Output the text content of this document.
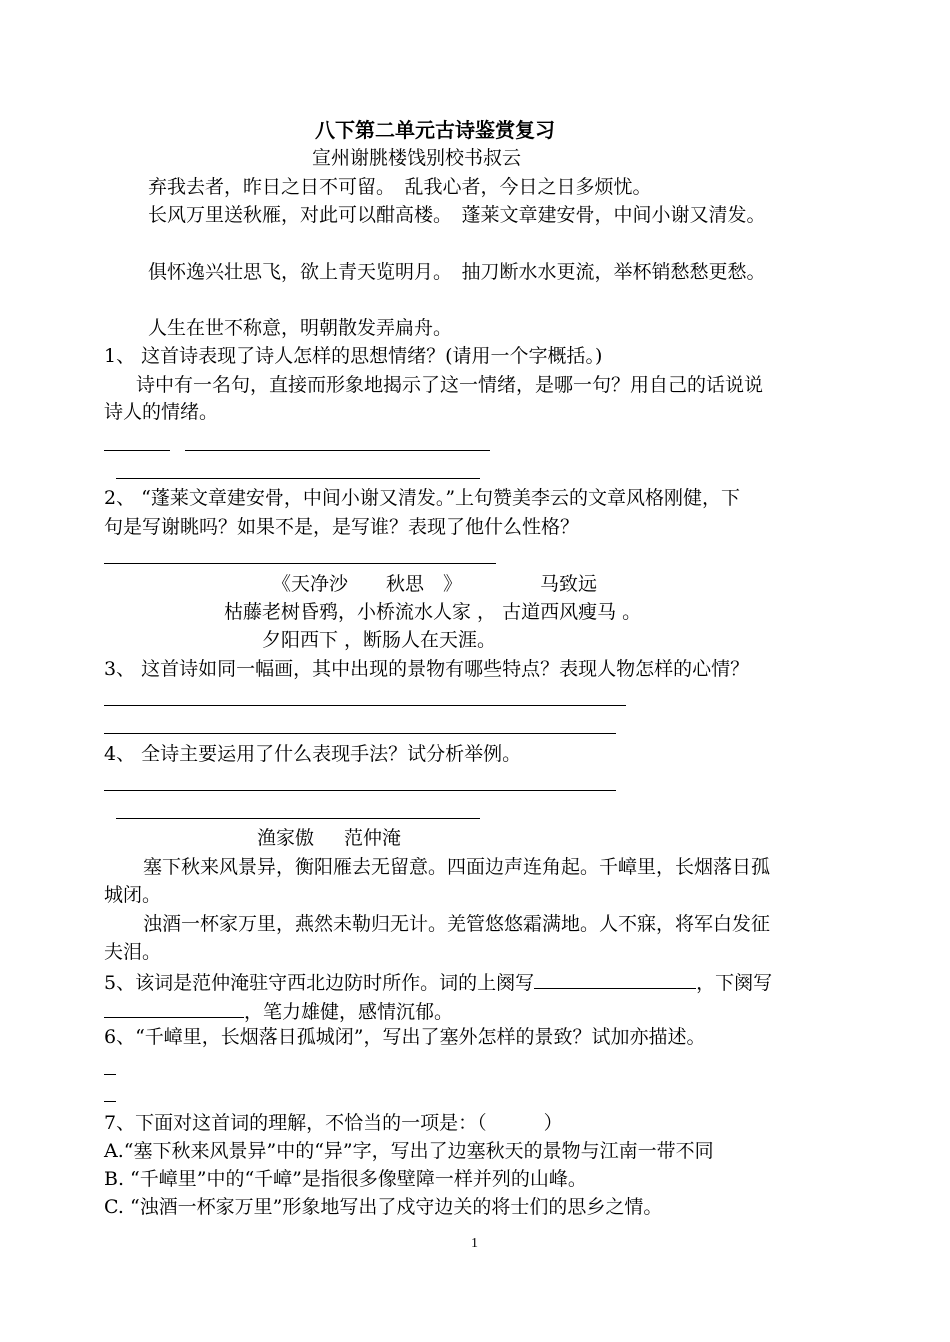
八下第二单元古诗鉴赏复习
宣州谢朓楼饯别校书叔云
弃我去者，昨日之日不可留。　乱我心者，今日之日多烦忧。
长风万里送秋雁，对此可以酣高楼。　蓬莱文章建安骨，中间小谢又清发。
俱怀逸兴壮思飞，欲上青天览明月。　抽刀断水水更流，举杯销愁愁更愁。
人生在世不称意，明朝散发弄扁舟。
1、 这首诗表现了诗人怎样的思想情绪？(请用一个字概括。)
诗中有一名句，直接而形象地揭示了这一情绪，是哪一句？用自己的话说说
诗人的情绪。
2、 “蓬莱文章建安骨，中间小谢又清发。”上句赞美李云的文章风格刚健，下
句是写谢眺吗？如果不是，是写谁？表现了他什么性格？
《天净沙　　秋思　》	马致远
枯藤老树昏鸦，小桥流水人家 ， 古道西风瘦马 。
夕阳西下 ，断肠人在天涯。
3、 这首诗如同一幅画，其中出现的景物有哪些特点？表现人物怎样的心情？
4、 全诗主要运用了什么表现手法？试分析举例。
渔家傲 范仲淹
塞下秋来风景异，衡阳雁去无留意。四面边声连角起。千嶂里，长烟落日孤
城闭。
浊酒一杯家万里，燕然未勒归无计。羌管悠悠霜满地。人不寐，将军白发征
夫泪。
5、该词是范仲淹驻守西北边防时所作。词的上阕写	，下阕写
，笔力雄健，感情沉郁。
6、“千嶂里，长烟落日孤城闭”，写出了塞外怎样的景致？试加亦描述。
7、下面对这首词的理解，不恰当的一项是：（　　　）
A.“塞下秋来风景异”中的“异”字，写出了边塞秋天的景物与江南一带不同
B. “千嶂里”中的“千嶂”是指很多像壁障一样并列的山峰。
C. “浊酒一杯家万里”形象地写出了戍守边关的将士们的思乡之情。
1
